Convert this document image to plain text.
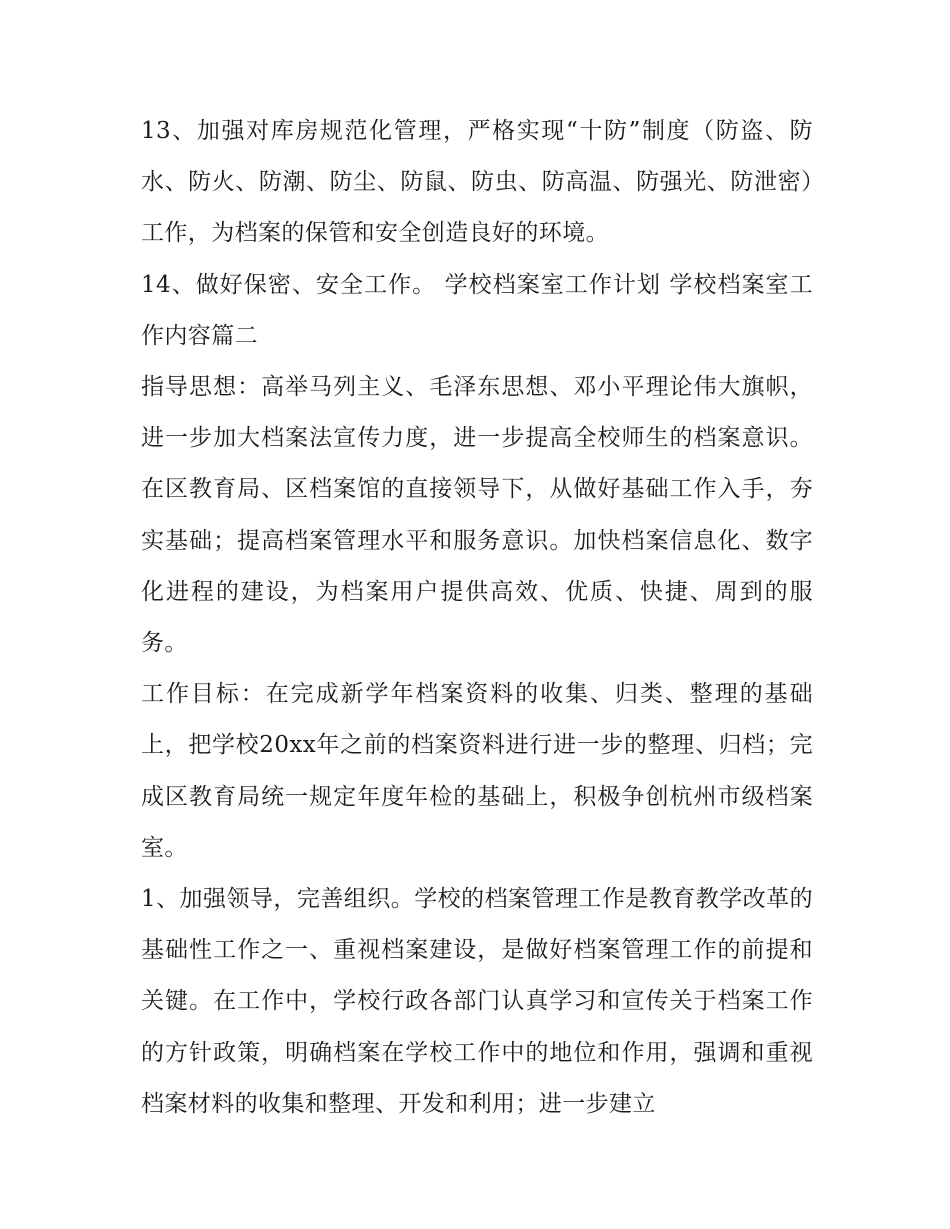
13、加强对库房规范化管理，严格实现“十防”制度（防盗、防水、防火、防潮、防尘、防鼠、防虫、防高温、防强光、防泄密）工作，为档案的保管和安全创造良好的环境。

14、做好保密、安全工作。 学校档案室工作计划 学校档案室工作内容篇二

指导思想：高举马列主义、毛泽东思想、邓小平理论伟大旗帜，进一步加大档案法宣传力度，进一步提高全校师生的档案意识。在区教育局、区档案馆的直接领导下，从做好基础工作入手，夯实基础；提高档案管理水平和服务意识。加快档案信息化、数字化进程的建设，为档案用户提供高效、优质、快捷、周到的服务。

工作目标：在完成新学年档案资料的收集、归类、整理的基础上，把学校20xx年之前的档案资料进行进一步的整理、归档；完成区教育局统一规定年度年检的基础上，积极争创杭州市级档案室。

1、加强领导，完善组织。学校的档案管理工作是教育教学改革的基础性工作之一、重视档案建设，是做好档案管理工作的前提和关键。在工作中，学校行政各部门认真学习和宣传关于档案工作的方针政策，明确档案在学校工作中的地位和作用，强调和重视档案材料的收集和整理、开发和利用；进一步建立
